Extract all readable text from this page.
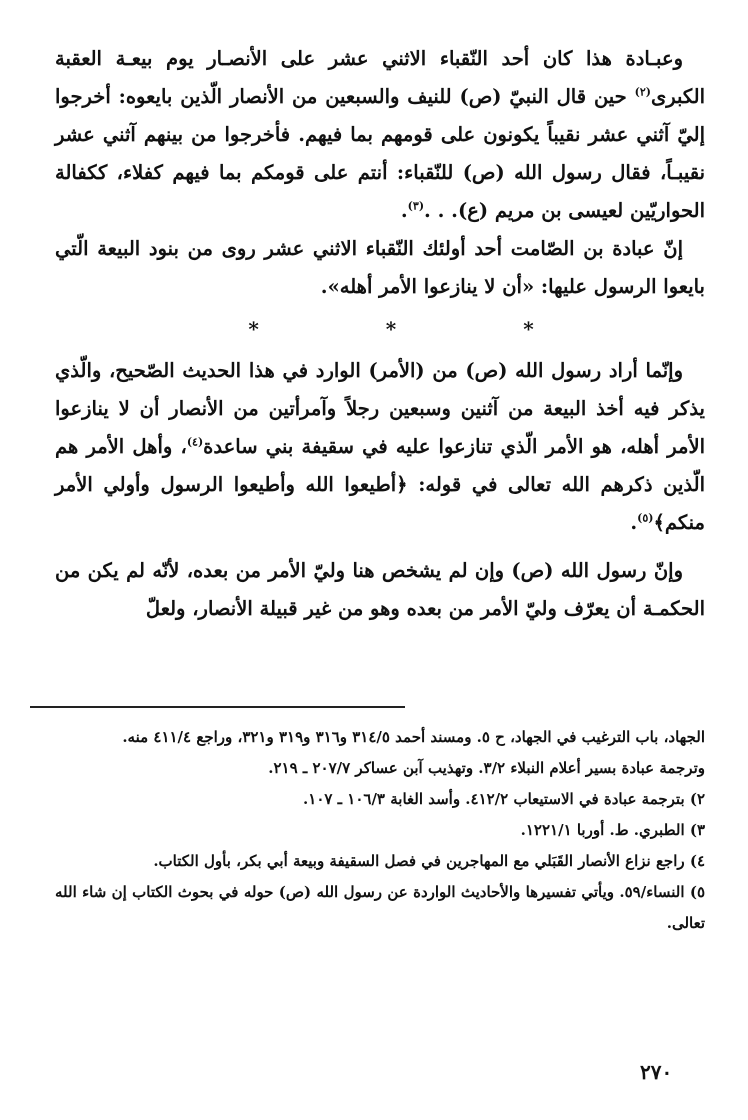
وعبـادة هذا كان أحد النّقباء الاثني عشر على الأنصـار يوم بيعـة العقبة الكبرى$^{(٢)}$ حين قال النبيّ (ص) للنيف والسبعين من الأنصار الّذين بايعوه: أخرجوا إليّ آثني عشر نقيباً يكونون على قومهم بما فيهم. فأخرجوا من بينهم آثني عشر نقيبـاً، فقال رسول الله (ص) للنّقباء: أنتم على قومكم بما فيهم كفلاء، ككفالة الحواريّين لعيسى بن مريم (ع). . .$^{(٣)}$.

إنّ عبادة بن الصّامت أحد أولئك النّقباء الاثني عشر روى من بنود البيعة الّتي بايعوا الرسول عليها: «أن لا ينازعوا الأمر أهله».

* * *

وإنّما أراد رسول الله (ص) من (الأمر) الوارد في هذا الحديث الصّحيح، والّذي يذكر فيه أخذ البيعة من آثنين وسبعين رجلاً وآمرأتين من الأنصار أن لا ينازعوا الأمر أهله، هو الأمر الّذي تنازعوا عليه في سقيفة بني ساعدة$^{(٤)}$، وأهل الأمر هم الّذين ذكرهم الله تعالى في قوله: ﴿أطيعوا الله وأطيعوا الرسول وأولي الأمر منكم﴾$^{(٥)}$.

وإنّ رسول الله (ص) وإن لم يشخص هنا وليّ الأمر من بعده، لأنّه لم يكن من الحكمـة أن يعرّف وليّ الأمر من بعده وهو من غير قبيلة الأنصار، ولعلّ

الجهاد، باب الترغيب في الجهاد، ح ٥. ومسند أحمد ٣١٤/٥ و٣١٦ و٣١٩ و٣٢١، وراجع ٤١١/٤ منه.

وترجمة عبادة بسير أعلام النبلاء ٣/٢. وتهذيب آبن عساكر ٢٠٧/٧ ـ ٢١٩.

٢) بترجمة عبادة في الاستيعاب ٤١٢/٢. وأسد الغابة ١٠٦/٣ ـ ١٠٧.

٣) الطبري. ط. أوربا ١٢٢١/١.

٤) راجع نزاع الأنصار القَبَلي مع المهاجرين في فصل السقيفة وبيعة أبي بكر، بأول الكتاب.

٥) النساء/٥٩. ويأتي تفسيرها والأحاديث الواردة عن رسول الله (ص) حوله في بحوث الكتاب إن شاء الله تعالى.

٢٧٠
